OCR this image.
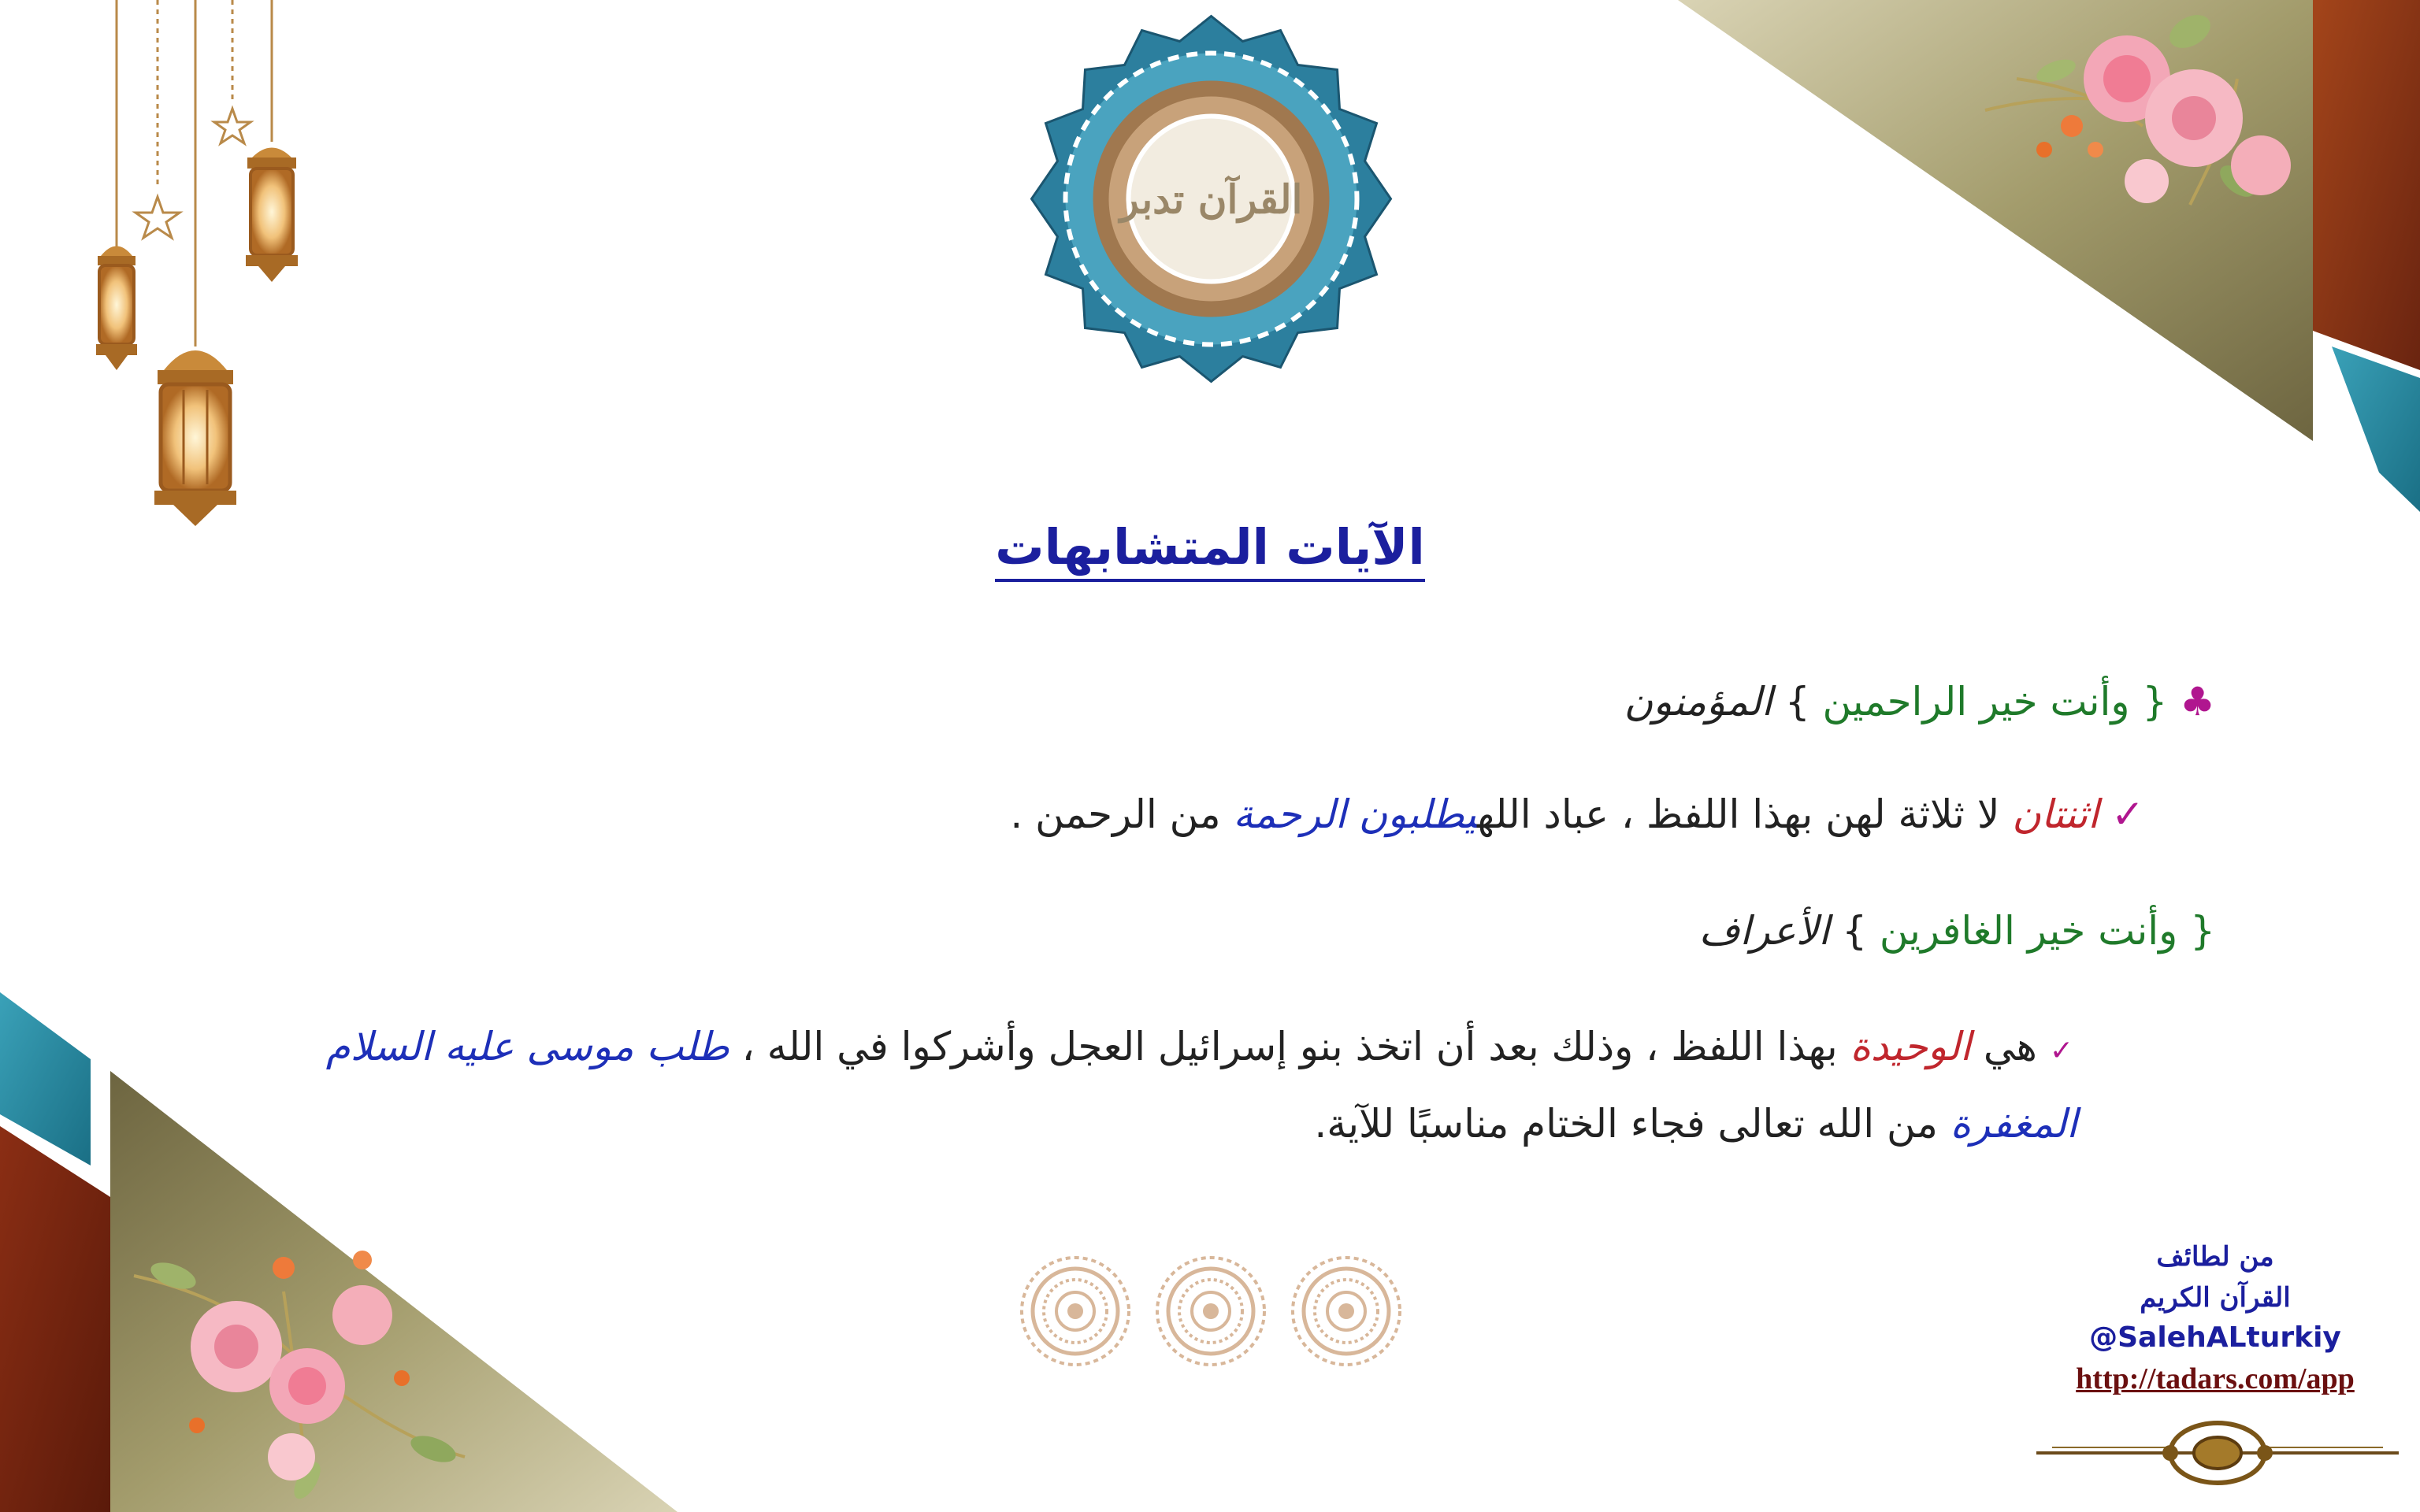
القرآن تدبر
الآيات المتشابهات
♣ { وأنت خير الراحمين } المؤمنون
✓ اثنتان لا ثلاثة لهن بهذا اللفظ ، عباد اللهيطلبون الرحمة من الرحمن .
{ وأنت خير الغافرين } الأعراف
✓ هي الوحيدة بهذا اللفظ ، وذلك بعد أن اتخذ بنو إسرائيل العجل وأشركوا في الله ، طلب موسى عليه السلام
المغفرة من الله تعالى فجاء الختام مناسبًا للآية.
من لطائف
القرآن الكريم
@SalehALturkiy
http://tadars.com/app
